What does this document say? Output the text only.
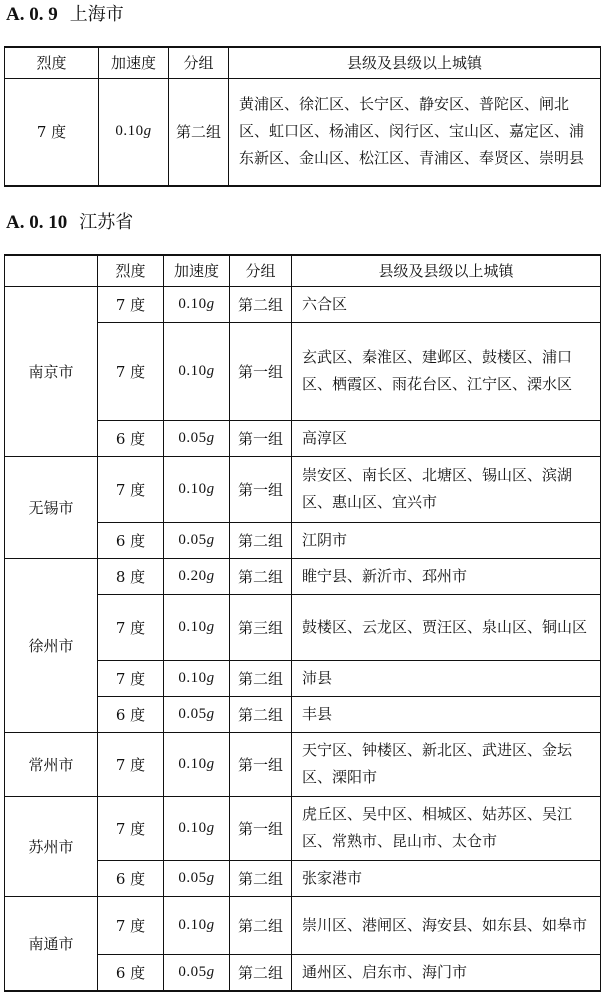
A. 0. 9 上海市
烈度	加速度	分组	县级及县级以上城镇
7 度	0.10g	第二组	黄浦区、徐汇区、长宁区、静安区、普陀区、闸北区、虹口区、杨浦区、闵行区、宝山区、嘉定区、浦东新区、金山区、松江区、青浦区、奉贤区、崇明县
A. 0. 10 江苏省
	烈度	加速度	分组	县级及县级以上城镇
南京市	7 度	0.10g	第二组	六合区
	7 度	0.10g	第一组	玄武区、秦淮区、建邺区、鼓楼区、浦口区、栖霞区、雨花台区、江宁区、溧水区
	6 度	0.05g	第一组	高淳区
无锡市	7 度	0.10g	第一组	崇安区、南长区、北塘区、锡山区、滨湖区、惠山区、宜兴市
	6 度	0.05g	第二组	江阴市
徐州市	8 度	0.20g	第二组	睢宁县、新沂市、邳州市
	7 度	0.10g	第三组	鼓楼区、云龙区、贾汪区、泉山区、铜山区
	7 度	0.10g	第二组	沛县
	6 度	0.05g	第二组	丰县
常州市	7 度	0.10g	第一组	天宁区、钟楼区、新北区、武进区、金坛区、溧阳市
苏州市	7 度	0.10g	第一组	虎丘区、吴中区、相城区、姑苏区、吴江区、常熟市、昆山市、太仓市
	6 度	0.05g	第二组	张家港市
南通市	7 度	0.10g	第二组	崇川区、港闸区、海安县、如东县、如皋市
	6 度	0.05g	第二组	通州区、启东市、海门市
